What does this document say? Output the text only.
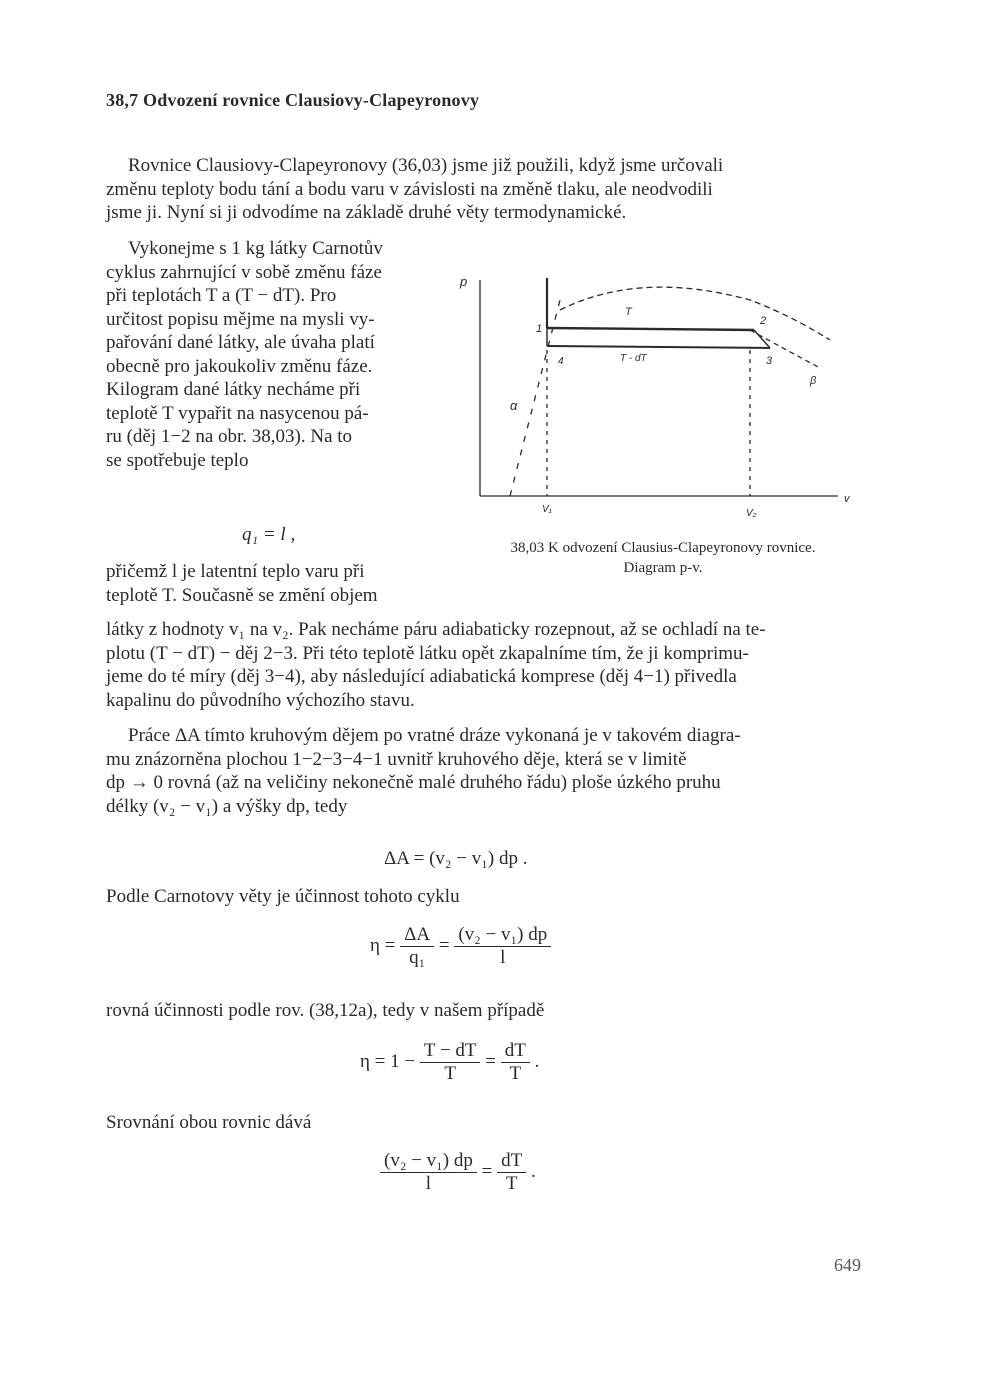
38,7 Odvození rovnice Clausiovy-Clapeyronovy
Rovnice Clausiovy-Clapeyronovy (36,03) jsme již použili, když jsme určovali
změnu teploty bodu tání a bodu varu v závislosti na změně tlaku, ale neodvodili
jsme ji. Nyní si ji odvodíme na základě druhé věty termodynamické.
Vykonejme s 1 kg látky Carnotův
cyklus zahrnující v sobě změnu fáze
při teplotách T a (T − dT). Pro
určitost popisu mějme na mysli vy-
pařování dané látky, ale úvaha platí
obecně pro jakoukoliv změnu fáze.
Kilogram dané látky necháme při
teplotě T vypařit na nasycenou pá-
ru (děj 1−2 na obr. 38,03). Na to
se spotřebuje teplo
q₁ = l ,
přičemž l je latentní teplo varu při
teplotě T. Současně se změní objem
látky z hodnoty v₁ na v₂. Pak necháme páru adiabaticky rozepnout, až se ochladí na te-
plotu (T − dT) − děj 2−3. Při této teplotě látku opět zkapalníme tím, že ji komprimu-
jeme do té míry (děj 3−4), aby následující adiabatická komprese (děj 4−1) přivedla
kapalinu do původního výchozího stavu.
Práce ΔA tímto kruhovým dějem po vratné dráze vykonaná je v takovém diagra-
mu znázorněna plochou 1−2−3−4−1 uvnitř kruhového děje, která se v limitě
dp → 0 rovná (až na veličiny nekonečně malé druhého řádu) ploše úzkého pruhu
délky (v₂ − v₁) a výšky dp, tedy
ΔA = (v₂ − v₁) dp .
Podle Carnotovy věty je účinnost tohoto cyklu
$\eta = \frac{\Delta A}{\text{q₁}} = \frac{\text{(v₂ − v₁) dp}}{l}$
rovná účinnosti podle rov. (38,12a), tedy v našem případě
$\eta = 1 - \frac{T - dT}{T} = \frac{dT}{T}$ .
Srovnání obou rovnic dává
$\frac{\text{(v₂ − v₁) dp}}{l} = \frac{dT}{T}$ .
p
v
T
T - dT
1
2
3
4
α
β
V₁	V₂
38,03 K odvození Clausius-Clapeyronovy rovnice. Diagram p-v.
649
